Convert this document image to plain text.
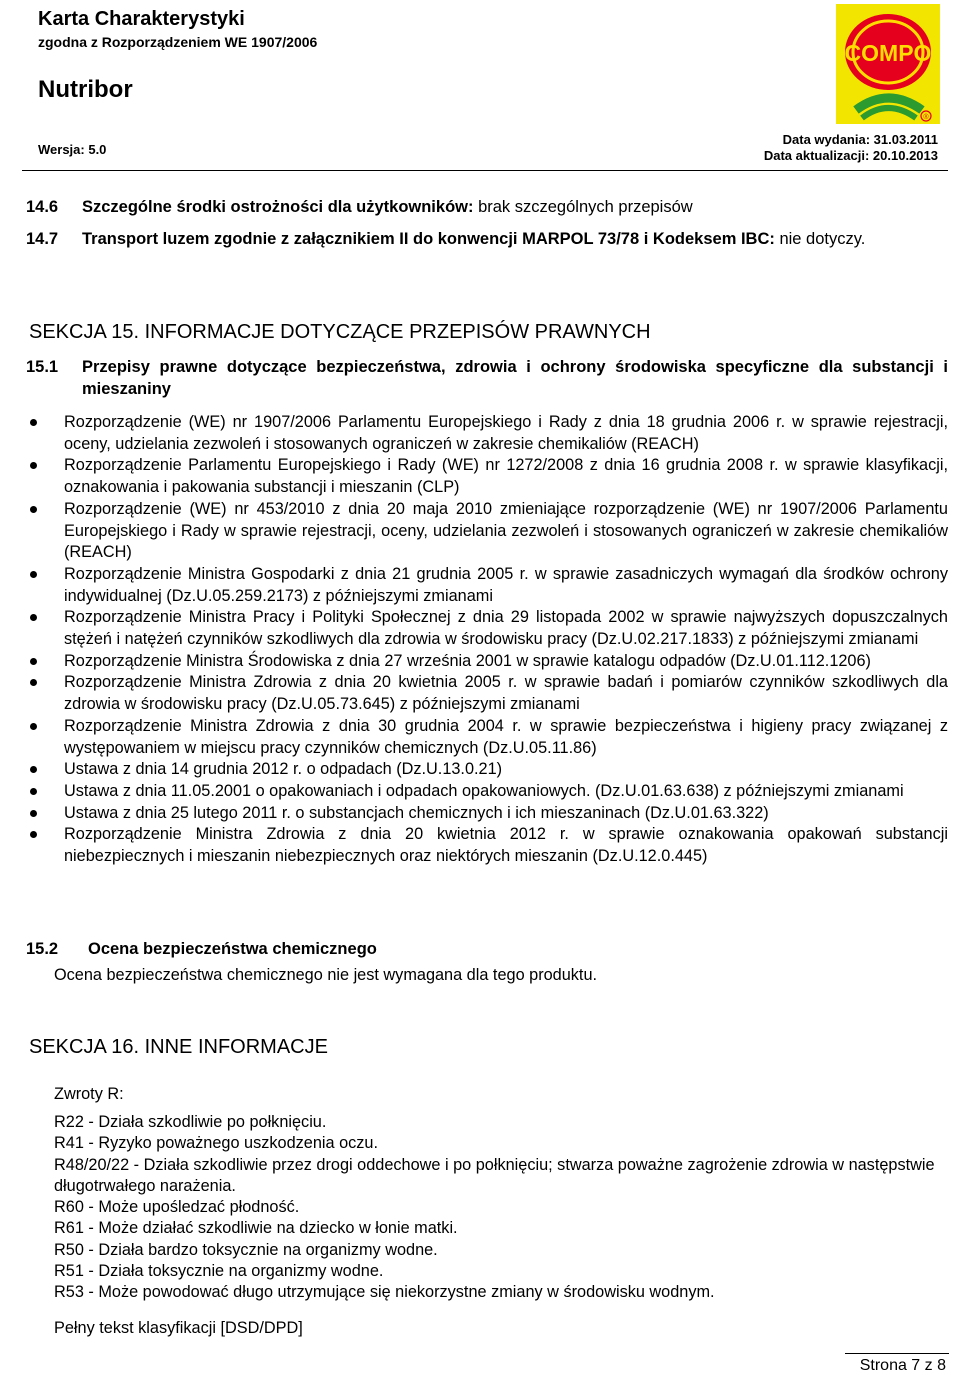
Karta Charakterystyki
zgodna z Rozporządzeniem WE 1907/2006
Nutribor
Wersja: 5.0
Data wydania: 31.03.2011
Data aktualizacji: 20.10.2013
COMPO
®
14.6 Szczególne środki ostrożności dla użytkowników: brak szczególnych przepisów
14.7 Transport luzem zgodnie z załącznikiem II do konwencji MARPOL 73/78 i Kodeksem IBC: nie dotyczy.
SEKCJA 15. INFORMACJE DOTYCZĄCE PRZEPISÓW PRAWNYCH
15.1 Przepisy prawne dotyczące bezpieczeństwa, zdrowia i ochrony środowiska specyficzne dla substancji i mieszaniny
Rozporządzenie (WE) nr 1907/2006 Parlamentu Europejskiego i Rady z dnia 18 grudnia 2006 r. w sprawie rejestracji, oceny, udzielania zezwoleń i stosowanych ograniczeń w zakresie chemikaliów (REACH)
Rozporządzenie Parlamentu Europejskiego i Rady (WE) nr 1272/2008 z dnia 16 grudnia 2008 r. w sprawie klasyfikacji, oznakowania i pakowania substancji i mieszanin (CLP)
Rozporządzenie (WE) nr 453/2010 z dnia 20 maja 2010 zmieniające rozporządzenie (WE) nr 1907/2006 Parlamentu Europejskiego i Rady w sprawie rejestracji, oceny, udzielania zezwoleń i stosowanych ograniczeń w zakresie chemikaliów (REACH)
Rozporządzenie Ministra Gospodarki z dnia 21 grudnia 2005 r. w sprawie zasadniczych wymagań dla środków ochrony indywidualnej (Dz.U.05.259.2173) z późniejszymi zmianami
Rozporządzenie Ministra Pracy i Polityki Społecznej z dnia 29 listopada 2002 w sprawie najwyższych dopuszczalnych stężeń i natężeń czynników szkodliwych dla zdrowia w środowisku pracy (Dz.U.02.217.1833) z późniejszymi zmianami
Rozporządzenie Ministra Środowiska z dnia 27 września 2001 w sprawie katalogu odpadów (Dz.U.01.112.1206)
Rozporządzenie Ministra Zdrowia z dnia 20 kwietnia 2005 r. w sprawie badań i pomiarów czynników szkodliwych dla zdrowia w środowisku pracy (Dz.U.05.73.645) z późniejszymi zmianami
Rozporządzenie Ministra Zdrowia z dnia 30 grudnia 2004 r. w sprawie bezpieczeństwa i higieny pracy związanej z występowaniem w miejscu pracy czynników chemicznych (Dz.U.05.11.86)
Ustawa z dnia 14 grudnia 2012 r. o odpadach (Dz.U.13.0.21)
Ustawa z dnia 11.05.2001 o opakowaniach i odpadach opakowaniowych. (Dz.U.01.63.638) z późniejszymi zmianami
Ustawa z dnia 25 lutego 2011 r. o substancjach chemicznych i ich mieszaninach (Dz.U.01.63.322)
Rozporządzenie Ministra Zdrowia z dnia 20 kwietnia 2012 r. w sprawie oznakowania opakowań substancji niebezpiecznych i mieszanin niebezpiecznych oraz niektórych mieszanin (Dz.U.12.0.445)
15.2 Ocena bezpieczeństwa chemicznego
Ocena bezpieczeństwa chemicznego nie jest wymagana dla tego produktu.
SEKCJA 16. INNE INFORMACJE
Zwroty R:
R22 - Działa szkodliwie po połknięciu.
R41 - Ryzyko poważnego uszkodzenia oczu.
R48/20/22 - Działa szkodliwie przez drogi oddechowe i po połknięciu; stwarza poważne zagrożenie zdrowia w następstwie długotrwałego narażenia.
R60 - Może upośledzać płodność.
R61 - Może działać szkodliwie na dziecko w łonie matki.
R50 - Działa bardzo toksycznie na organizmy wodne.
R51 - Działa toksycznie na organizmy wodne.
R53 - Może powodować długo utrzymujące się niekorzystne zmiany w środowisku wodnym.
Pełny tekst klasyfikacji [DSD/DPD]
Strona 7 z 8
